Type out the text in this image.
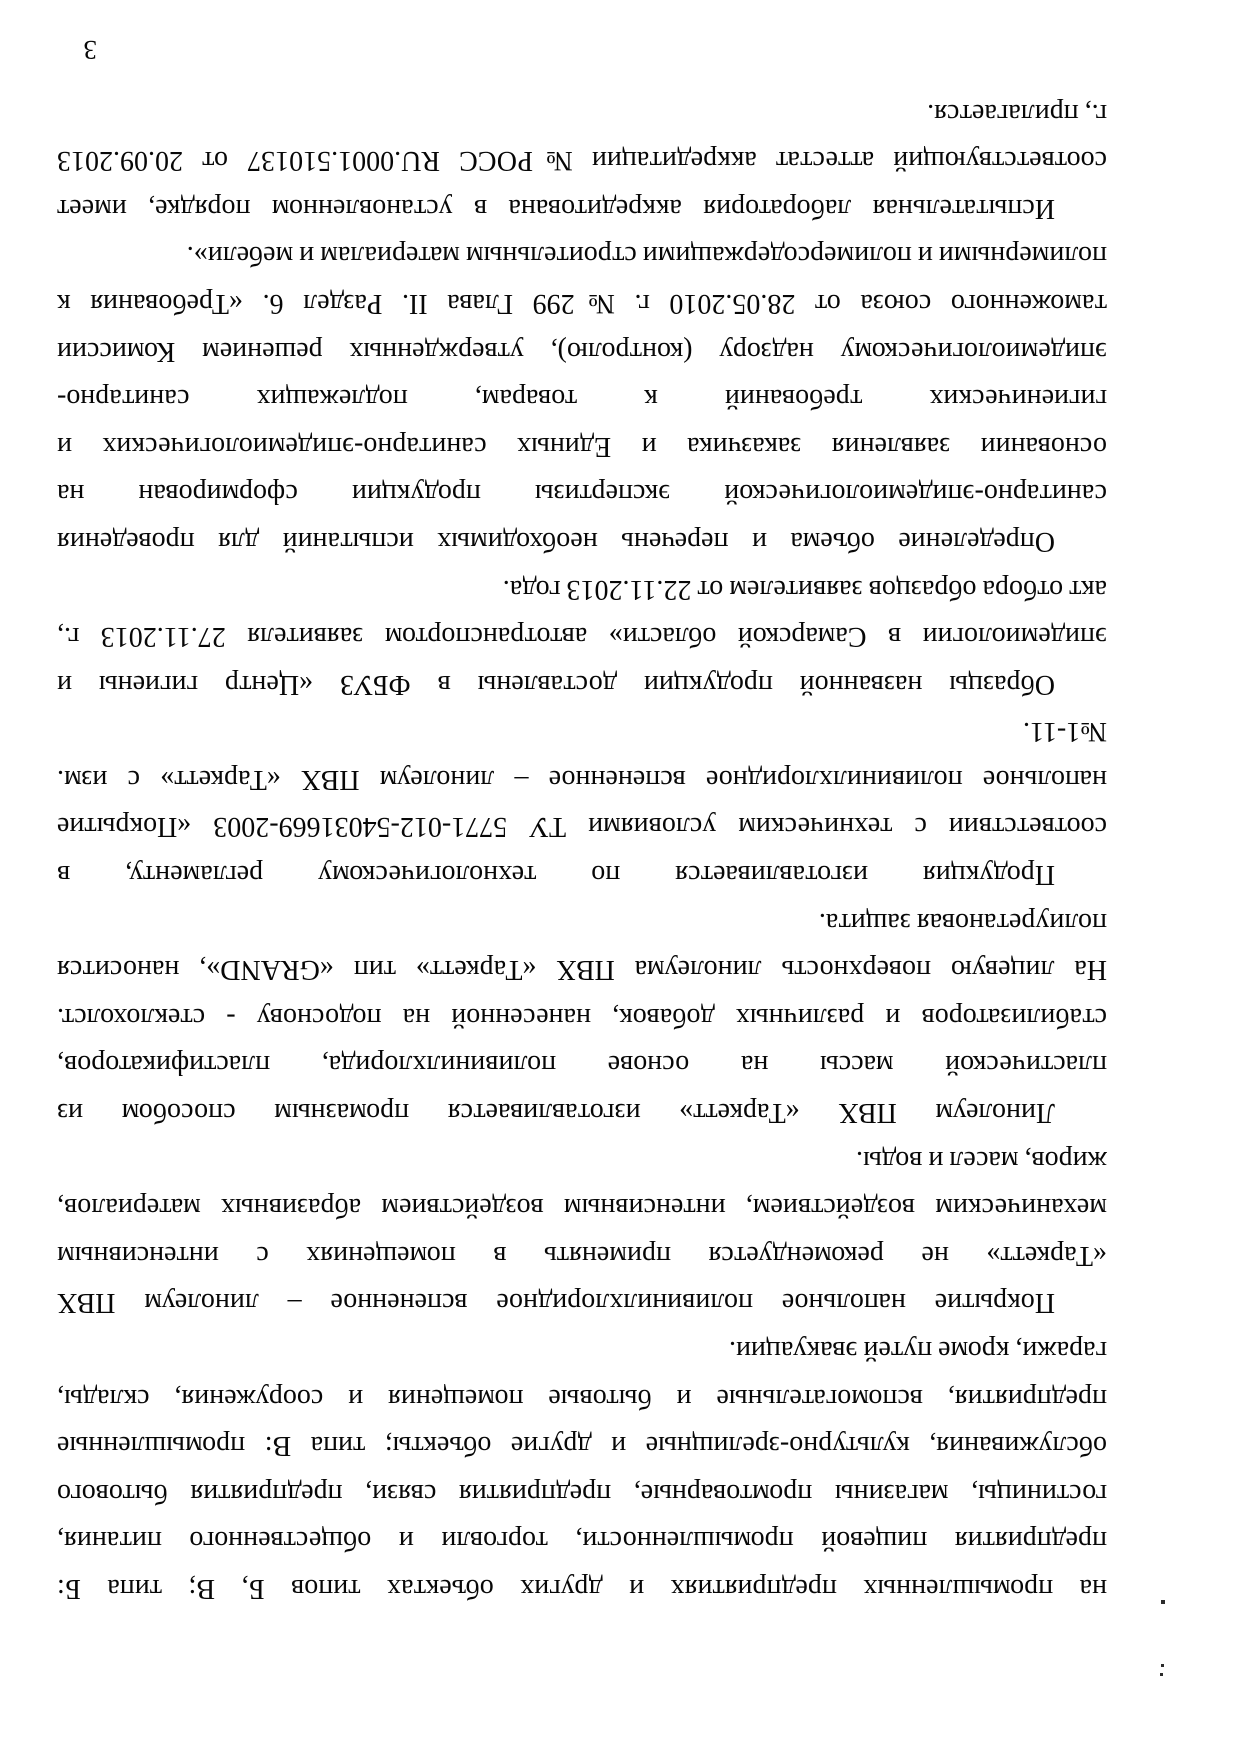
на промышленных предприятиях и других объектах типов Б, В; типа Б:
предприятия пищевой промышленности, торговли и общественного питания,
гостиницы, магазины промтоварные, предприятия связи, предприятия бытового
обслуживания, культурно-зрелищные и другие объекты; типа В: промышленные
предприятия, вспомогательные и бытовые помещения и сооружения, склады,
гаражи, кроме путей эвакуации.
Покрытие напольное поливинилхлоридное вспененное – линолеум ПВХ
«Таркетт» не рекомендуется применять в помещениях с интенсивным
механическим воздействием, интенсивным воздействием абразивных материалов,
жиров, масел и воды.
Линолеум ПВХ «Таркетт» изготавливается промазным способом из
пластической массы на основе поливинилхлорида, пластификаторов,
стабилизаторов и различных добавок, нанесенной на подоснову - стеклохолст.
На лицевую поверхность линолеума ПВХ «Таркетт» тип «GRAND», наносится
полиуретановая защита.
Продукция изготавливается по технологическому регламенту, в
соответствии с техническим условиями ТУ 5771-012-54031669-2003 «Покрытие
напольное поливинилхлоридное вспененное – линолеум ПВХ «Таркетт» с изм.
№1-11.
Образцы названной продукции доставлены в ФБУЗ «Центр гигиены и
эпидемиологии в Самарской области» автотранспортом заявителя 27.11.2013 г.,
акт отбора образцов заявителем от 22.11.2013 года.
Определение объема и перечень необходимых испытаний для проведения
санитарно-эпидемиологической экспертизы продукции сформирован на
основании заявления заказчика и Единых санитарно-эпидемиологических и
гигиенических требований к товарам, подлежащих санитарно-
эпидемиологическому надзору (контролю), утвержденных решением Комиссии
таможенного союза от 28.05.2010 г. №299 Глава II. Раздел 6. «Требования к
полимерными и полимерсодержащими строительным материалам и мебели».
Испытательная лаборатория аккредитована в установленном порядке, имеет
соответствующий аттестат аккредитации №РОСС RU.0001.510137 от 20.09.2013
г., прилагается.
3
